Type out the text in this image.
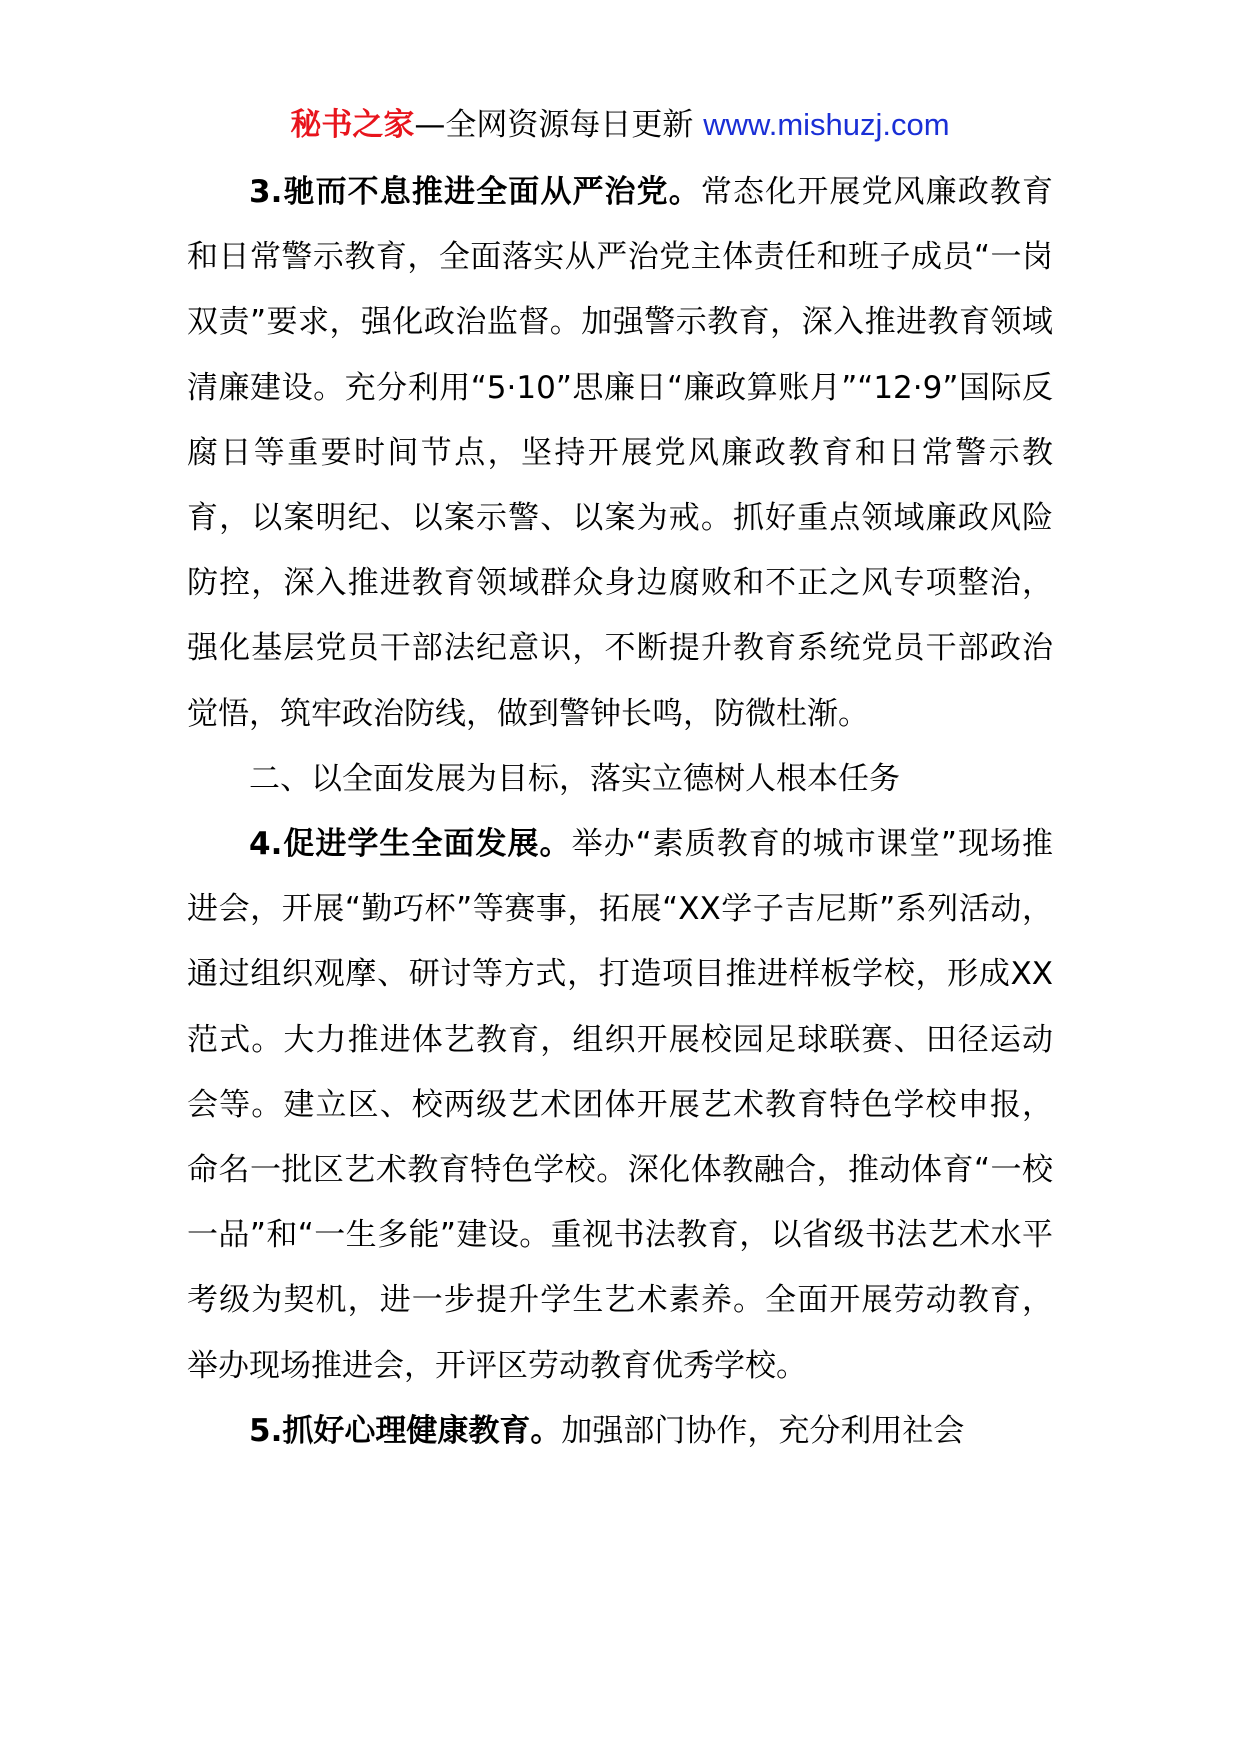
秘书之家—全网资源每日更新 www.mishuzj.com

3.驰而不息推进全面从严治党。常态化开展党风廉政教育和日常警示教育，全面落实从严治党主体责任和班子成员“一岗双责”要求，强化政治监督。加强警示教育，深入推进教育领域清廉建设。充分利用“5·10”思廉日“廉政算账月”“12·9”国际反腐日等重要时间节点，坚持开展党风廉政教育和日常警示教育，以案明纪、以案示警、以案为戒。抓好重点领域廉政风险防控，深入推进教育领域群众身边腐败和不正之风专项整治，强化基层党员干部法纪意识，不断提升教育系统党员干部政治觉悟，筑牢政治防线，做到警钟长鸣，防微杜渐。

二、以全面发展为目标，落实立德树人根本任务

4.促进学生全面发展。举办“素质教育的城市课堂”现场推进会，开展“勤巧杯”等赛事，拓展“XX学子吉尼斯”系列活动，通过组织观摩、研讨等方式，打造项目推进样板学校，形成XX范式。大力推进体艺教育，组织开展校园足球联赛、田径运动会等。建立区、校两级艺术团体开展艺术教育特色学校申报，命名一批区艺术教育特色学校。深化体教融合，推动体育“一校一品”和“一生多能”建设。重视书法教育，以省级书法艺术水平考级为契机，进一步提升学生艺术素养。全面开展劳动教育，举办现场推进会，开评区劳动教育优秀学校。

5.抓好心理健康教育。加强部门协作，充分利用社会
